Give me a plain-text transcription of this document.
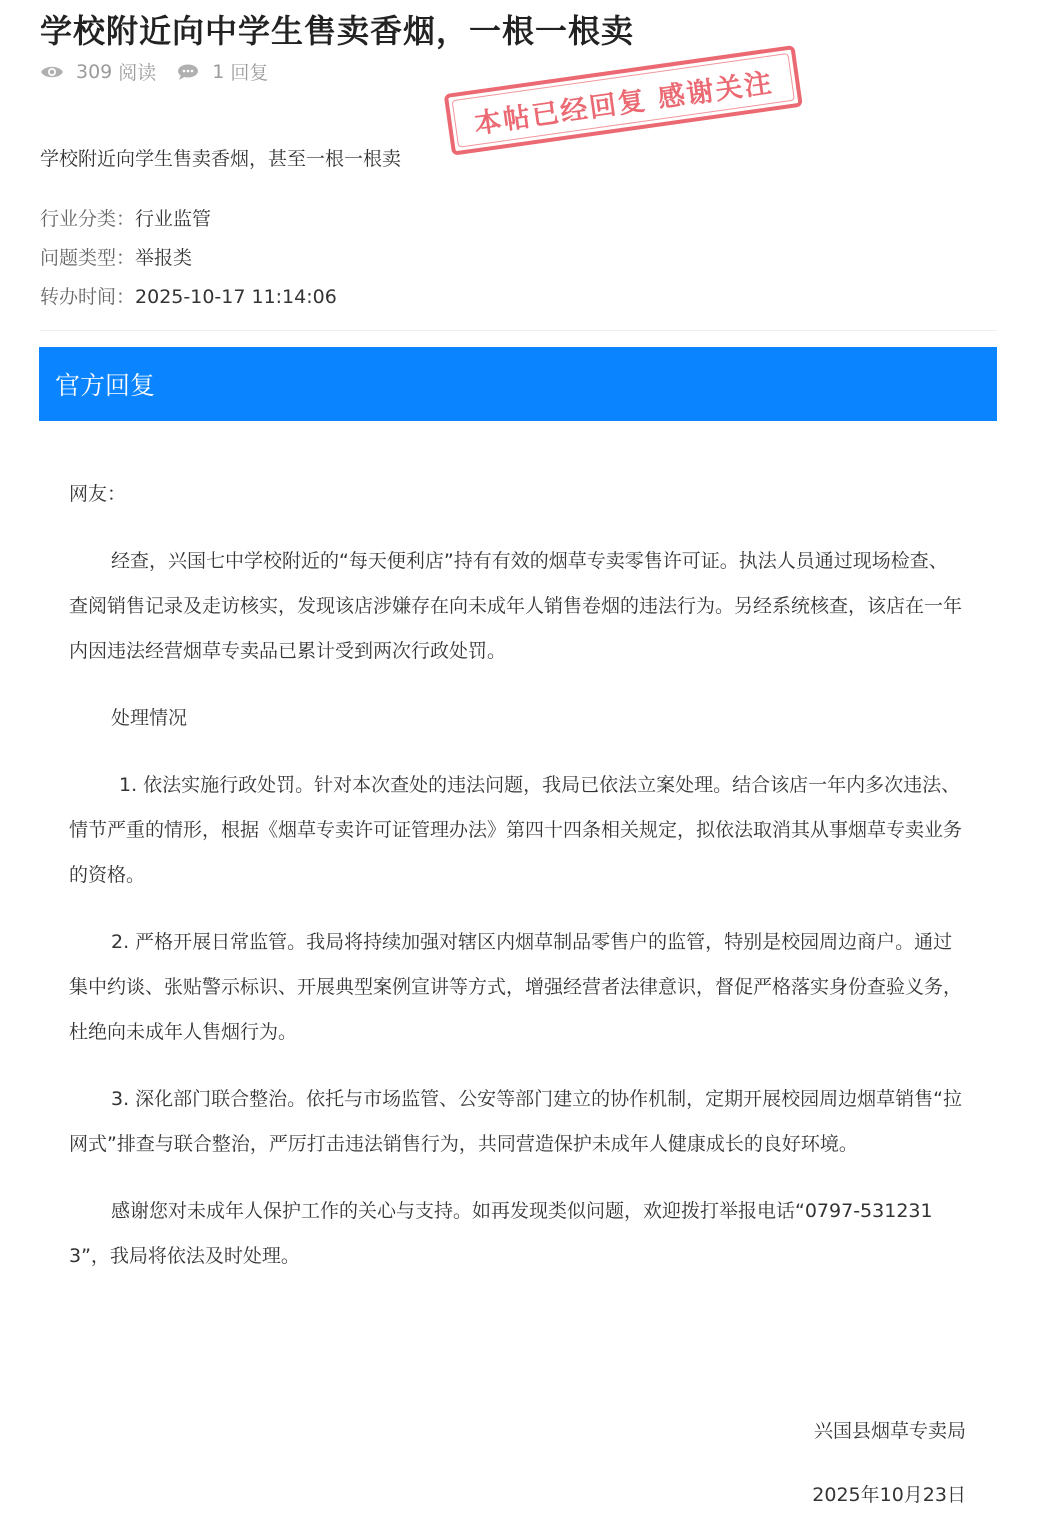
学校附近向中学生售卖香烟，一根一根卖
309 阅读	1 回复
学校附近向学生售卖香烟，甚至一根一根卖
本帖已经回复 感谢关注
行业分类：行业监管
问题类型：举报类
转办时间：2025-10-17 11:14:06
官方回复

网友：

经查，兴国七中学校附近的“每天便利店”持有有效的烟草专卖零售许可证。执法人员通过现场检查、查阅销售记录及走访核实，发现该店涉嫌存在向未成年人销售卷烟的违法行为。另经系统核查，该店在一年内因违法经营烟草专卖品已累计受到两次行政处罚。

处理情况

1. 依法实施行政处罚。针对本次查处的违法问题，我局已依法立案处理。结合该店一年内多次违法、情节严重的情形，根据《烟草专卖许可证管理办法》第四十四条相关规定，拟依法取消其从事烟草专卖业务的资格。

2. 严格开展日常监管。我局将持续加强对辖区内烟草制品零售户的监管，特别是校园周边商户。通过集中约谈、张贴警示标识、开展典型案例宣讲等方式，增强经营者法律意识，督促严格落实身份查验义务，杜绝向未成年人售烟行为。

3. 深化部门联合整治。依托与市场监管、公安等部门建立的协作机制，定期开展校园周边烟草销售“拉网式”排查与联合整治，严厉打击违法销售行为，共同营造保护未成年人健康成长的良好环境。

感谢您对未成年人保护工作的关心与支持。如再发现类似问题，欢迎拨打举报电话“0797-5312313”，我局将依法及时处理。

兴国县烟草专卖局
2025年10月23日
